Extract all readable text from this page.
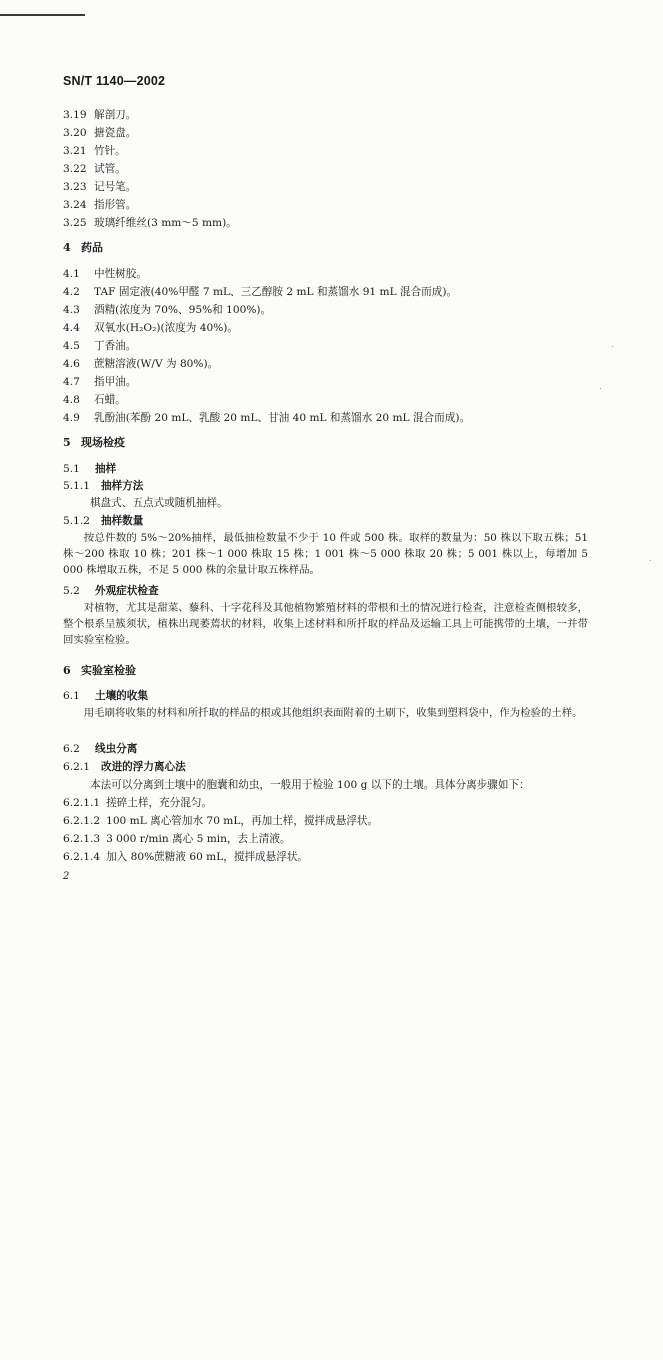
SN/T 1140—2002
3.19 解剖刀。
3.20 搪瓷盘。
3.21 竹针。
3.22 试管。
3.23 记号笔。
3.24 指形管。
3.25 玻璃纤维丝(3 mm～5 mm)。
4 药品
4.1 中性树胶。
4.2 TAF 固定液(40%甲醛 7 mL、三乙醇胺 2 mL 和蒸馏水 91 mL 混合而成)。
4.3 酒精(浓度为 70%、95%和 100%)。
4.4 双氧水(H₂O₂)(浓度为 40%)。
4.5 丁香油。
4.6 蔗糖溶液(W/V 为 80%)。
4.7 指甲油。
4.8 石蜡。
4.9 乳酚油(苯酚 20 mL、乳酸 20 mL、甘油 40 mL 和蒸馏水 20 mL 混合而成)。
5 现场检疫
5.1 抽样
5.1.1 抽样方法
棋盘式、五点式或随机抽样。
5.1.2 抽样数量
按总件数的 5%～20%抽样，最低抽检数量不少于 10 件或 500 株。取样的数量为：50 株以下取五株；51 株～200 株取 10 株；201 株～1 000 株取 15 株；1 001 株～5 000 株取 20 株；5 001 株以上，每增加 5 000 株增取五株，不足 5 000 株的余量计取五株样品。
5.2 外观症状检查
对植物，尤其是甜菜、藜科、十字花科及其他植物繁殖材料的带根和土的情况进行检查，注意检查侧根较多，整个根系呈簇须状，植株出现萎蔫状的材料，收集上述材料和所扦取的样品及运输工具上可能携带的土壤，一并带回实验室检验。
6 实验室检验
6.1 土壤的收集
用毛刷将收集的材料和所扦取的样品的根或其他组织表面附着的土刷下，收集到塑料袋中，作为检验的土样。
6.2 线虫分离
6.2.1 改进的浮力离心法
本法可以分离到土壤中的胞囊和幼虫，一般用于检验 100 g 以下的土壤。具体分离步骤如下：
6.2.1.1 搓碎土样，充分混匀。
6.2.1.2 100 mL 离心管加水 70 mL，再加土样，搅拌成悬浮状。
6.2.1.3 3 000 r/min 离心 5 min，去上清液。
6.2.1.4 加入 80%蔗糖液 60 mL，搅拌成悬浮状。
2
